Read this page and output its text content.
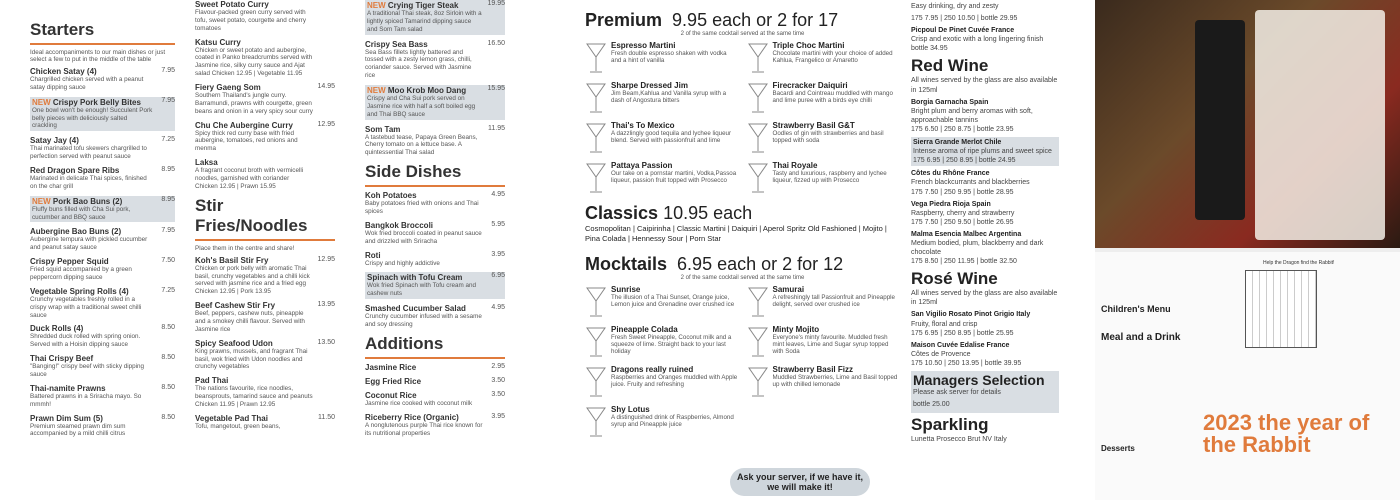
Starters
Ideal accompaniments to our main dishes or just select a few to put in the middle of the table
Chicken Satay (4)
Chargrilled chicken served with a peanut satay dipping sauce
7.95
NEW Crispy Pork Belly Bites
One bowl won't be enough! Succulent Pork belly pieces with deliciously salted crackling
7.95
Satay Jay (4)
Thai marinated tofu skewers chargrilled to perfection served with peanut sauce
7.25
Red Dragon Spare Ribs
Marinated in delicate Thai spices, finished on the char grill
8.95
NEW Pork Bao Buns (2)
Fluffy buns filled with Cha Sui pork, cucumber and BBQ sauce
8.95
Aubergine Bao Buns (2)
Aubergine tempura with pickled cucumber and peanut satay sauce
7.95
Crispy Pepper Squid
Fried squid accompanied by a green peppercorn dipping sauce
7.50
Vegetable Spring Rolls (4)
Crunchy vegetables freshly rolled in a crispy wrap with a traditional sweet chilli sauce
7.25
Duck Rolls (4)
Shredded duck rolled with spring onion. Served with a Hoisin dipping sauce
8.50
Thai Crispy Beef
"Banging!" crispy beef with sticky dipping sauce
8.50
Thai-namite Prawns
Battered prawns in a Sriracha mayo. So mmmh!
8.50
Prawn Dim Sum (5)
Premium steamed prawn dim sum accompanied by a mild chilli citrus
8.50
Sweet Potato Curry
Flavour-packed green curry served with tofu, sweet potato, courgette and cherry tomatoes
Katsu Curry
Chicken or sweet potato and aubergine, coated in Panko breadcrumbs served with Jasmine rice, silky curry sauce and Ajat salad Chicken 12.95 | Vegetable 11.95
Fiery Gaeng Som
Southern Thailand's jungle curry. Barramundi, prawns with courgette, green beans and onion in a very spicy sour curry
14.95
Chu Che Aubergine Curry
Spicy thick red curry base with fried aubergine, tomatoes, red onions and menma
12.95
Laksa
A fragrant coconut broth with vermicelli noodles, garnished with coriander Chicken 12.95 | Prawn 15.95
Stir Fries/Noodles
Place them in the centre and share!
Koh's Basil Stir Fry
Chicken or pork belly with aromatic Thai basil, crunchy vegetables and a chilli kick served with jasmine rice and a fried egg Chicken 12.95 | Pork 13.95
12.95
Beef Cashew Stir Fry
Beef, peppers, cashew nuts, pineapple and a smokey chilli flavour. Served with Jasmine rice
13.95
Spicy Seafood Udon
King prawns, mussels, and fragrant Thai basil, wok fried with Udon noodles and crunchy vegetables
13.50
Pad Thai
The nations favourite, rice noodles, beansprouts, tamarind sauce and peanuts Chicken 11.95 | Prawn 12.95
Vegetable Pad Thai
Tofu, mangetout, green beans,
11.50
NEW Crying Tiger Steak
A traditional Thai steak, 8oz Sirloin with a lightly spiced Tamarind dipping sauce and Som Tam salad
19.95
Crispy Sea Bass
Sea Bass fillets lightly battered and tossed with a zesty lemon grass, chilli, coriander sauce. Served with Jasmine rice
16.50
NEW Moo Krob Moo Dang
Crispy and Cha Sui pork served on Jasmine rice with half a soft boiled egg and Thai BBQ sauce
15.95
Som Tam
A tastebud tease, Papaya Green Beans, Cherry tomato on a lettuce base. A quintessential Thai salad
11.95
Side Dishes
Koh Potatoes
Baby potatoes fried with onions and Thai spices
4.95
Bangkok Broccoli
Wok fried broccoli coated in peanut sauce and drizzled with Sriracha
5.95
Roti
Crispy and highly addictive
3.95
Spinach with Tofu Cream
Wok fried Spinach with Tofu cream and cashew nuts
6.95
Smashed Cucumber Salad
Crunchy cucumber infused with a sesame and soy dressing
4.95
Additions
Jasmine Rice	2.95
Egg Fried Rice	3.50
Coconut Rice
Jasmine rice cooked with coconut milk
3.50
Riceberry Rice (Organic)
A nonglutenous purple Thai rice known for its nutritional properties
3.95
Premium 9.95 each or 2 for 17
2 of the same cocktail served at the same time
Espresso Martini
Fresh double espresso shaken with vodka and a hint of vanilla
Triple Choc Martini
Chocolate martini with your choice of added Kahlua, Frangelico or Amaretto
Sharpe Dressed Jim
Jim Beam,Kahlua and Vanilla syrup with a dash of Angostura bitters
Firecracker Daiquiri
Bacardi and Cointreau muddled with mango and lime puree with a birds eye chilli
Thai's To Mexico
A dazzlingly good tequila and lychee liqueur blend. Served with passionfruit and lime
Strawberry Basil G&T
Oodles of gin with strawberries and basil topped with soda
Pattaya Passion
Our take on a pornstar martini, Vodka,Passoa liqueur, passion fruit topped with Prosecco
Thai Royale
Tasty and luxurious, raspberry and lychee liqueur, fizzed up with Prosecco
Classics 10.95 each
Cosmopolitan | Caipirinha | Classic Martini | Daiquiri | Aperol Spritz Old Fashioned | Mojito | Pina Colada | Hennessy Sour | Porn Star
Mocktails 6.95 each or 2 for 12
2 of the same cocktail served at the same time
Sunrise
The illusion of a Thai Sunset, Orange juice, Lemon juice and Grenadine over crushed ice
Samurai
A refreshingly tall Passionfruit and Pineapple delight, served over crushed ice
Pineapple Colada
Fresh Sweet Pineapple, Coconut milk and a squeeze of lime. Straight back to your last holiday
Minty Mojito
Everyone's minty favourite. Muddled fresh mint leaves, Lime and Sugar syrup topped with Soda
Dragons really ruined
Raspberries and Oranges muddled with Apple juice. Fruity and refreshing
Strawberry Basil Fizz
Muddled Strawberries, Lime and Basil topped up with chilled lemonade
Shy Lotus
A distinguished drink of Raspberries, Almond syrup and Pineapple juice
Ask your server, if we have it, we will make it!
Easy drinking, dry and zesty
175 7.95 | 250 10.50 | bottle 29.95
Picpoul De Pinet Cuvée France
Crisp and exotic with a long lingering finish
bottle 34.95
Red Wine
All wines served by the glass are also available in 125ml
Borgia Garnacha Spain
Bright plum and berry aromas with soft, approachable tannins
175 6.50 | 250 8.75 | bottle 23.95
Sierra Grande Merlot Chile
Intense aroma of ripe plums and sweet spice
175 6.95 | 250 8.95 | bottle 24.95
Côtes du Rhône France
French blackcurrants and blackberries
175 7.50 | 250 9.95 | bottle 28.95
Vega Piedra Rioja Spain
Raspberry, cherry and strawberry
175 7.50 | 250 9.50 | bottle 26.95
Malma Esencia Malbec Argentina
Medium bodied, plum, blackberry and dark chocolate
175 8.50 | 250 11.95 | bottle 32.50
Rosé Wine
All wines served by the glass are also available in 125ml
San Vigilio Rosato Pinot Grigio Italy
Fruity, floral and crisp
175 6.95 | 250 8.95 | bottle 25.95
Maison Cuvée Edalise France
Côtes de Provence
175 10.50 | 250 13.95 | bottle 39.95
Managers Selection
Please ask server for details
bottle 25.00
Sparkling
Lunetta Prosecco Brut NV Italy
Children's Menu
Meal and a Drink
Desserts
Help the Dragon find the Rabbit!
2023 the year of the Rabbit
